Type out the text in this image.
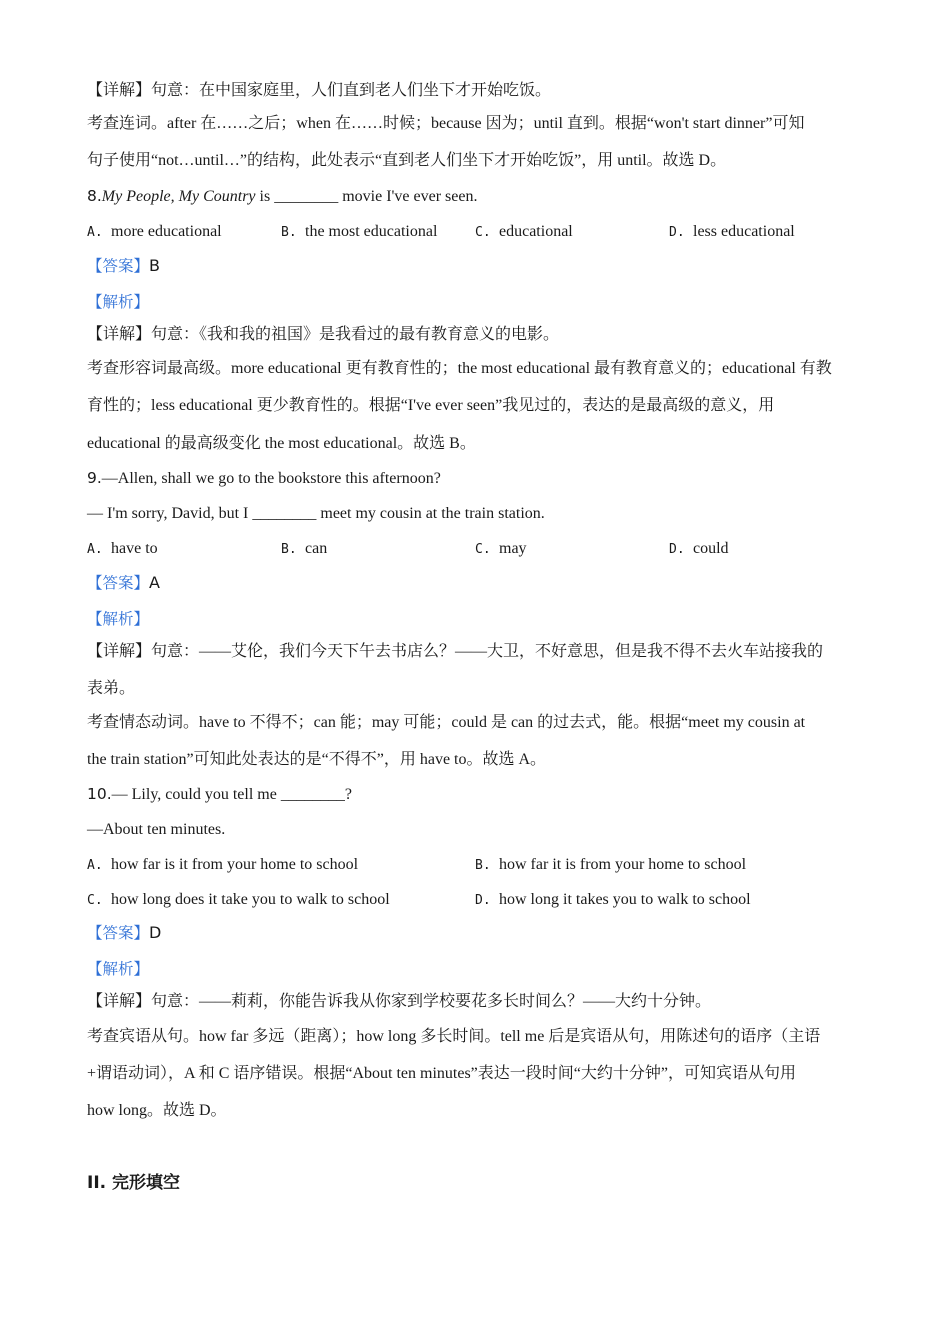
【详解】句意：在中国家庭里，人们直到老人们坐下才开始吃饭。
考查连词。after 在……之后；when 在……时候；because 因为；until 直到。根据“won't start dinner”可知
句子使用“not…until…”的结构，此处表示“直到老人们坐下才开始吃饭”，用 until。故选 D。
8.My People, My Country is ________ movie I've ever seen.
A. more educational	B. the most educational	C. educational	D. less educational
【答案】B
【解析】
【详解】句意：《我和我的祖国》是我看过的最有教育意义的电影。
考查形容词最高级。more educational 更有教育性的；the most educational 最有教育意义的；educational 有教
育性的；less educational 更少教育性的。根据“I've ever seen”我见过的，表达的是最高级的意义，用
educational 的最高级变化 the most educational。故选 B。
9.—Allen, shall we go to the bookstore this afternoon?
— I'm sorry, David, but I ________ meet my cousin at the train station.
A. have to	B. can	C. may	D. could
【答案】A
【解析】
【详解】句意：——艾伦，我们今天下午去书店么？——大卫，不好意思，但是我不得不去火车站接我的
表弟。
考查情态动词。have to 不得不；can 能；may 可能；could 是 can 的过去式，能。根据“meet my cousin at
the train station”可知此处表达的是“不得不”，用 have to。故选 A。
10.— Lily, could you tell me ________?
—About ten minutes.
A. how far is it from your home to school	B. how far it is from your home to school
C. how long does it take you to walk to school	D. how long it takes you to walk to school
【答案】D
【解析】
【详解】句意：——莉莉，你能告诉我从你家到学校要花多长时间么？——大约十分钟。
考查宾语从句。how far 多远（距离）；how long 多长时间。tell me 后是宾语从句，用陈述句的语序（主语
+谓语动词），A 和 C 语序错误。根据“About ten minutes”表达一段时间“大约十分钟”，可知宾语从句用
how long。故选 D。
II. 完形填空
